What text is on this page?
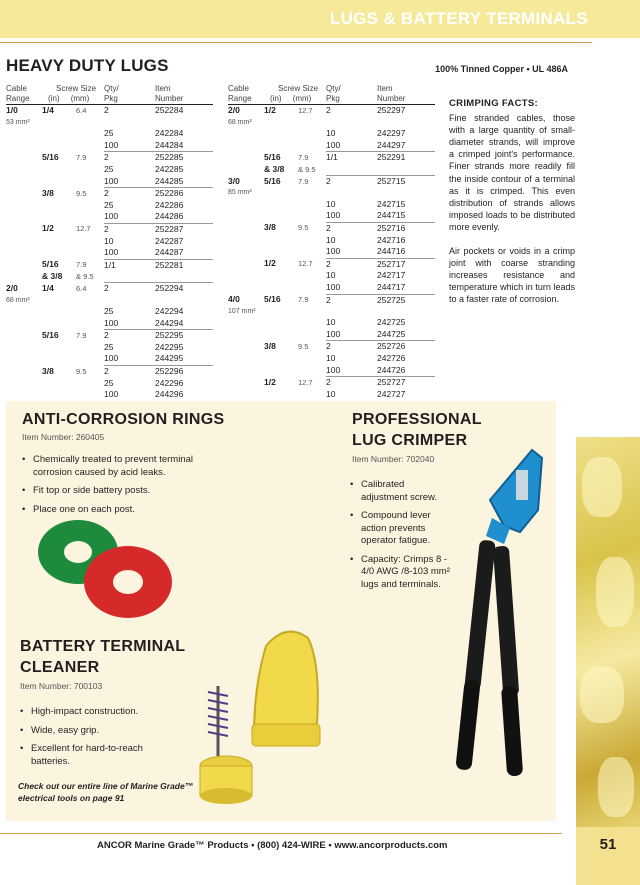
LUGS & BATTERY TERMINALS
HEAVY DUTY LUGS	100% Tinned Copper • UL 486A
Cable
Range	Screw Size
(in) (mm)		Qty/
Pkg	Item
Number
1/0
53 mm²	1/4	6.4	2	252284
			25	242284
			100	244284
	5/16	7.9	2	252285
			25	242285
			100	244285
	3/8	9.5	2	252286
			25	242286
			100	244286
	1/2	12.7	2	252287
			10	242287
			100	244287
	5/16	7.9	1/1	252281
	& 3/8	& 9.5		
2/0
68 mm²	1/4	6.4	2	252294
			25	242294
			100	244294
	5/16	7.9	2	252295
			25	242295
			100	244295
	3/8	9.5	2	252296
			25	242296
			100	244296
Cable
Range	Screw Size
(in) (mm)		Qty/
Pkg	Item
Number
2/0
68 mm²	1/2	12.7	2	252297
			10	242297
			100	244297
	5/16	7.9	1/1	252291
	& 3/8	& 9.5		
3/0
85 mm²	5/16	7.9	2	252715
			10	242715
			100	244715
	3/8	9.5	2	252716
			10	242716
			100	244716
	1/2	12.7	2	252717
			10	242717
			100	244717
4/0
107 mm²	5/16	7.9	2	252725
			10	242725
			100	244725
	3/8	9.5	2	252726
			10	242726
			100	244726
	1/2	12.7	2	252727
			10	242727

CRIMPING FACTS:

Fine stranded cables, those with a large quantity of small-diameter strands, will improve a crimped joint's performance. Finer strands more readily fill the inside contour of a terminal as it is crimped. This even distribution of strands allows imposed loads to be distributed more evenly.

Air pockets or voids in a crimp joint with coarse stranding increases resistance and temperature which in turn leads to a faster rate of corrosion.

ANTI-CORROSION RINGS
Item Number: 260405
• Chemically treated to prevent terminal corrosion caused by acid leaks.
• Fit top or side battery posts.
• Place one on each post.
PROFESSIONAL
LUG CRIMPER
Item Number: 702040
• Calibrated adjustment screw.
• Compound lever action prevents operator fatigue.
• Capacity: Crimps 8 - 4/0 AWG /8-103 mm² lugs and terminals.
BATTERY TERMINAL
CLEANER
Item Number: 700103
• High-impact construction.
• Wide, easy grip.
• Excellent for hard-to-reach batteries.
Check out our entire line of Marine Grade™ electrical tools on page 91
ANCOR Marine Grade™ Products • (800) 424-WIRE • www.ancorproducts.com	51
